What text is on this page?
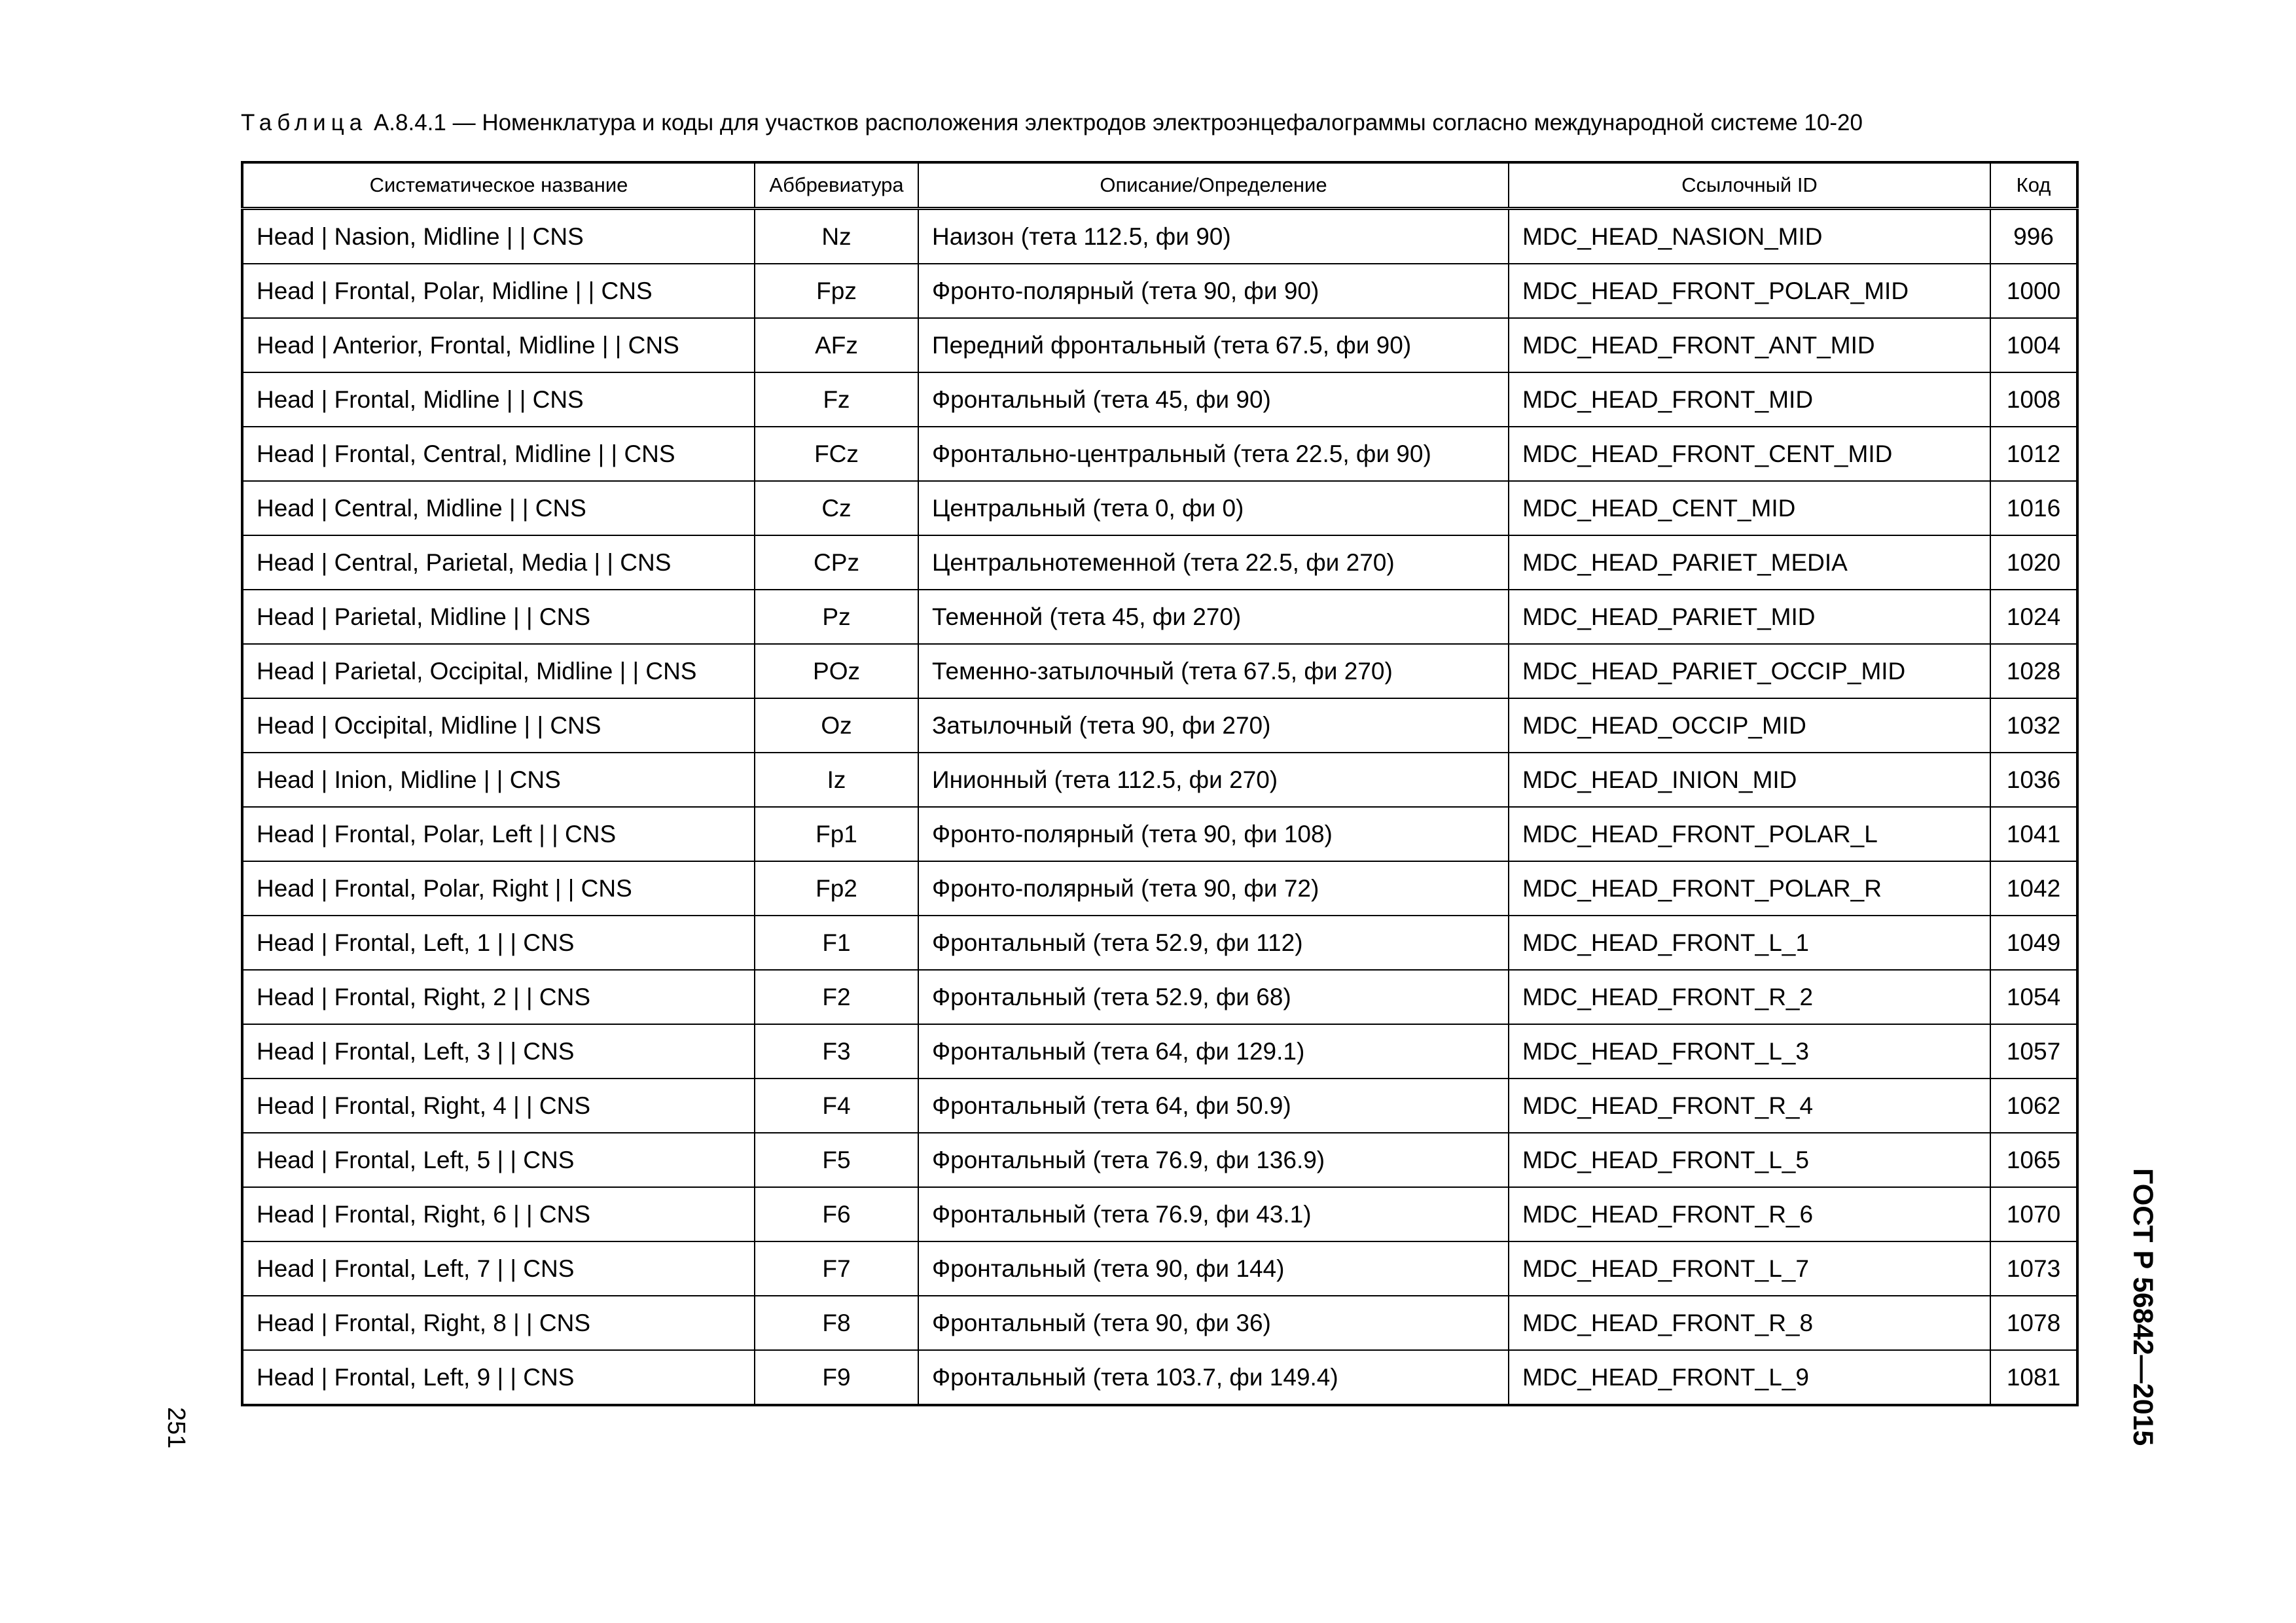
Таблица А.8.4.1 — Номенклатура и коды для участков расположения электродов электроэнцефалограммы согласно международной системе 10-20
Систематическое название	Аббревиатура	Описание/Определение	Ссылочный ID	Код
Head | Nasion, Midline | | CNS	Nz	Наизон (тета 112.5, фи 90)	MDC_HEAD_NASION_MID	996
Head | Frontal, Polar, Midline | | CNS	Fpz	Фронто-полярный (тета 90, фи 90)	MDC_HEAD_FRONT_POLAR_MID	1000
Head | Anterior, Frontal, Midline | | CNS	AFz	Передний фронтальный (тета 67.5, фи 90)	MDC_HEAD_FRONT_ANT_MID	1004
Head | Frontal, Midline | | CNS	Fz	Фронтальный (тета 45, фи 90)	MDC_HEAD_FRONT_MID	1008
Head | Frontal, Central, Midline | | CNS	FCz	Фронтально-центральный (тета 22.5, фи 90)	MDC_HEAD_FRONT_CENT_MID	1012
Head | Central, Midline | | CNS	Cz	Центральный (тета 0, фи 0)	MDC_HEAD_CENT_MID	1016
Head | Central, Parietal, Media | | CNS	CPz	Центральнотеменной (тета 22.5, фи 270)	MDC_HEAD_PARIET_MEDIA	1020
Head | Parietal, Midline | | CNS	Pz	Теменной (тета 45, фи 270)	MDC_HEAD_PARIET_MID	1024
Head | Parietal, Occipital, Midline | | CNS	POz	Теменно-затылочный (тета 67.5, фи 270)	MDC_HEAD_PARIET_OCCIP_MID	1028
Head | Occipital, Midline | | CNS	Oz	Затылочный (тета 90, фи 270)	MDC_HEAD_OCCIP_MID	1032
Head | Inion, Midline | | CNS	Iz	Инионный (тета 112.5, фи 270)	MDC_HEAD_INION_MID	1036
Head | Frontal, Polar, Left | | CNS	Fp1	Фронто-полярный (тета 90, фи 108)	MDC_HEAD_FRONT_POLAR_L	1041
Head | Frontal, Polar, Right | | CNS	Fp2	Фронто-полярный (тета 90, фи 72)	MDC_HEAD_FRONT_POLAR_R	1042
Head | Frontal, Left, 1 | | CNS	F1	Фронтальный (тета 52.9, фи 112)	MDC_HEAD_FRONT_L_1	1049
Head | Frontal, Right, 2 | | CNS	F2	Фронтальный (тета 52.9, фи 68)	MDC_HEAD_FRONT_R_2	1054
Head | Frontal, Left, 3 | | CNS	F3	Фронтальный (тета 64, фи 129.1)	MDC_HEAD_FRONT_L_3	1057
Head | Frontal, Right, 4 | | CNS	F4	Фронтальный (тета 64, фи 50.9)	MDC_HEAD_FRONT_R_4	1062
Head | Frontal, Left, 5 | | CNS	F5	Фронтальный (тета 76.9, фи 136.9)	MDC_HEAD_FRONT_L_5	1065
Head | Frontal, Right, 6 | | CNS	F6	Фронтальный (тета 76.9, фи 43.1)	MDC_HEAD_FRONT_R_6	1070
Head | Frontal, Left, 7 | | CNS	F7	Фронтальный (тета 90, фи 144)	MDC_HEAD_FRONT_L_7	1073
Head | Frontal, Right, 8 | | CNS	F8	Фронтальный (тета 90, фи 36)	MDC_HEAD_FRONT_R_8	1078
Head | Frontal, Left, 9 | | CNS	F9	Фронтальный (тета 103.7, фи 149.4)	MDC_HEAD_FRONT_L_9	1081
251	ГОСТ Р 56842—2015
